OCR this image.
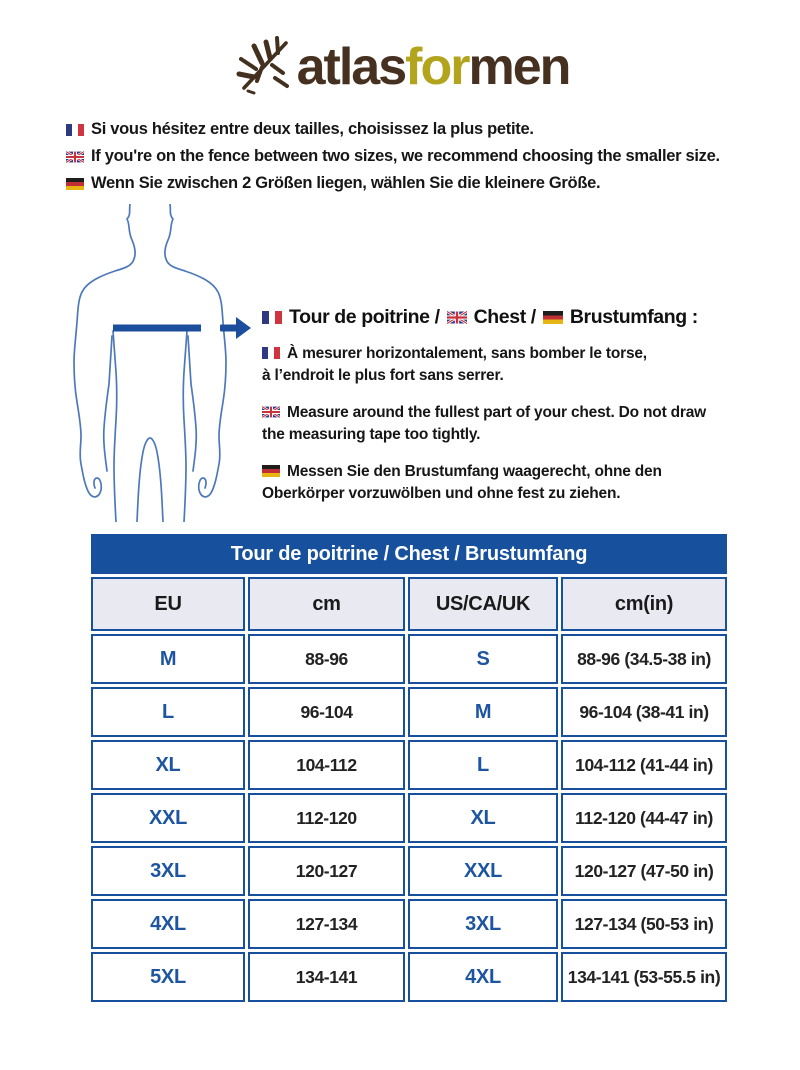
atlasformen
Si vous hésitez entre deux tailles, choisissez la plus petite.
If you're on the fence between two sizes, we recommend choosing the smaller size.
Wenn Sie zwischen 2 Größen liegen, wählen Sie die kleinere Größe.
Tour de poitrine / Chest / Brustumfang :

À mesurer horizontalement, sans bomber le torse,
à l’endroit le plus fort sans serrer.

Measure around the fullest part of your chest. Do not draw
the measuring tape too tightly.

Messen Sie den Brustumfang waagerecht, ohne den
Oberkörper vorzuwölben und ohne fest zu ziehen.

Tour de poitrine / Chest / Brustumfang			
EU	cm	US/CA/UK	cm(in)
M	88-96	S	88-96 (34.5-38 in)
L	96-104	M	96-104 (38-41 in)
XL	104-112	L	104-112 (41-44 in)
XXL	112-120	XL	112-120 (44-47 in)
3XL	120-127	XXL	120-127 (47-50 in)
4XL	127-134	3XL	127-134 (50-53 in)
5XL	134-141	4XL	134-141 (53-55.5 in)
